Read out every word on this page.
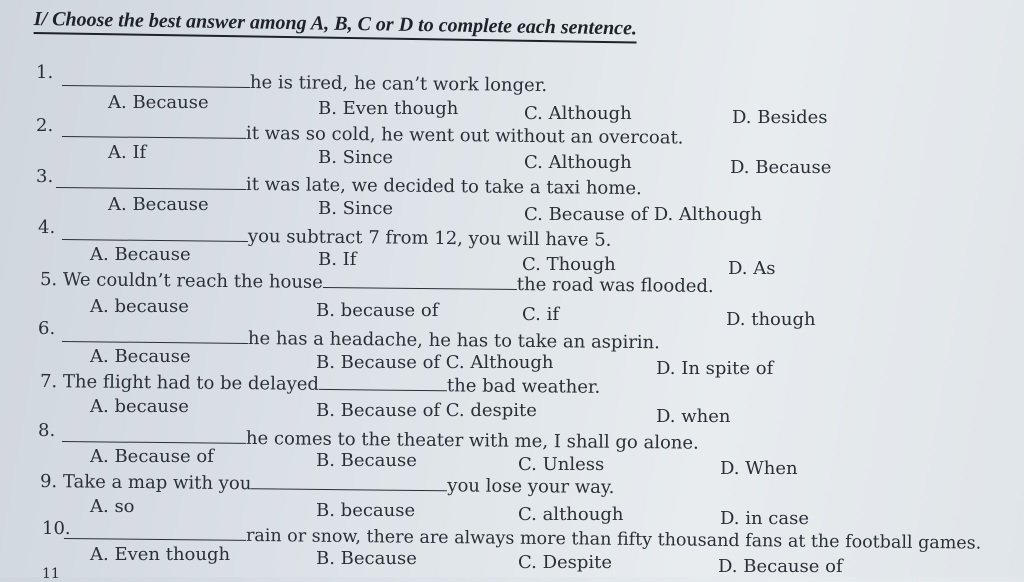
I/ Choose the best answer among A, B, C or D to complete each sentence.
1.	he is tired, he can’t work longer.
A. Because	B. Even though	C. Although	D. Besides
2.	it was so cold, he went out without an overcoat.
A. If	B. Since	C. Although	D. Because
3.	it was late, we decided to take a taxi home.
A. Because	B. Since	C. Because of D. Although
4.	you subtract 7 from 12, you will have 5.
A. Because	B. If	C. Though	D. As
5. We couldn’t reach the house	the road was flooded.
A. because	B. because of	C. if	D. though
6.	he has a headache, he has to take an aspirin.
A. Because	B. Because of C. Although	D. In spite of
7. The flight had to be delayed	the bad weather.
A. because	B. Because of C. despite	D. when
8.	he comes to the theater with me, I shall go alone.
A. Because of	B. Because	C. Unless	D. When
9. Take a map with you	you lose your way.
A. so	B. because	C. although	D. in case
10.	rain or snow, there are always more than fifty thousand fans at the football games.
A. Even though	B. Because	C. Despite	D. Because of
11
